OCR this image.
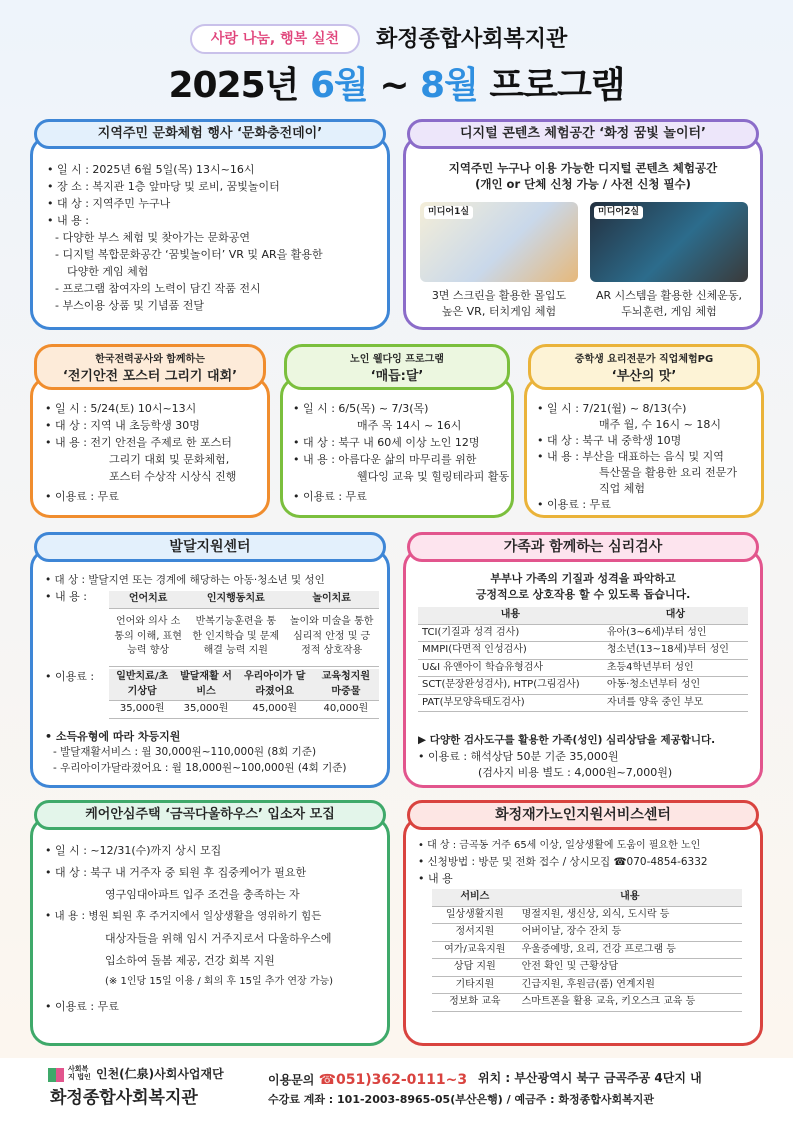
사랑 나눔, 행복 실천	화정종합사회복지관
2025년 6월 ~ 8월 프로그램
지역주민 문화체험 행사 ‘문화충전데이’
• 일 시 : 2025년 6월 5일(목) 13시~16시
• 장 소 : 복지관 1층 앞마당 및 로비, 꿈빛놀이터
• 대 상 : 지역주민 누구나
• 내 용 :
- 다양한 부스 체험 및 찾아가는 문화공연
- 디지털 복합문화공간 ‘꿈빛놀이터’ VR 및 AR을 활용한
다양한 게임 체험
- 프로그램 참여자의 노력이 담긴 작품 전시
- 부스이용 상품 및 기념품 전달
디지털 콘텐츠 체험공간 ‘화정 꿈빛 놀이터’
지역주민 누구나 이용 가능한 디지털 콘텐츠 체험공간
(개인 or 단체 신청 가능 / 사전 신청 필수)
미디어1실	미디어2실
3면 스크린을 활용한 몰입도
높은 VR, 터치게임 체험
AR 시스템을 활용한 신체운동,
두뇌훈련, 게임 체험
한국전력공사와 함께하는
‘전기안전 포스터 그리기 대회’
• 일 시 : 5/24(토) 10시~13시
• 대 상 : 지역 내 초등학생 30명
• 내 용 : 전기 안전을 주제로 한 포스터
그리기 대회 및 문화체험,
포스터 수상작 시상식 진행
• 이용료 : 무료
노인 웰다잉 프로그램
‘매듭:달’
• 일 시 : 6/5(목) ~ 7/3(목)
매주 목 14시 ~ 16시
• 대 상 : 북구 내 60세 이상 노인 12명
• 내 용 : 아름다운 삶의 마무리를 위한
웰다잉 교육 및 힐링테라피 활동
• 이용료 : 무료
중학생 요리전문가 직업체험PG
‘부산의 맛’
• 일 시 : 7/21(월) ~ 8/13(수)
매주 월, 수 16시 ~ 18시
• 대 상 : 북구 내 중학생 10명
• 내 용 : 부산을 대표하는 음식 및 지역
특산물을 활용한 요리 전문가
직업 체험
• 이용료 : 무료
발달지원센터
• 대 상 : 발달지연 또는 경계에 해당하는 아동·청소년 및 성인
• 내 용 :	언어치료	인지행동치료	놀이치료
언어와 의사 소통의 이해, 표현능력 향상	반복기능훈련을 통한 인지학습 및 문제해결 능력 지원	놀이와 미술을 통한 심리적 안정 및 긍정적 상호작용
• 이용료 : 일반치료/초기상담	발달재활 서비스	우리아이가 달라졌어요	교육청지원 마중물
35,000원	35,000원	45,000원	40,000원
• 소득유형에 따라 차등지원
- 발달재활서비스 : 월 30,000원~110,000원 (8회 기준)
- 우리아이가달라졌어요 : 월 18,000원~100,000원 (4회 기준)
가족과 함께하는 심리검사
부부나 가족의 기질과 성격을 파악하고
긍정적으로 상호작용 할 수 있도록 돕습니다.
내용	대상
TCI(기질과 성격 검사)	유아(3~6세)부터 성인
MMPI(다면적 인성검사)	청소년(13~18세)부터 성인
U&I 유앤아이 학습유형검사	초등4학년부터 성인
SCT(문장완성검사), HTP(그림검사)	아동·청소년부터 성인
PAT(부모양육태도검사)	자녀를 양육 중인 부모
▶ 다양한 검사도구를 활용한 가족(성인) 심리상담을 제공합니다.
• 이용료 : 해석상담 50분 기준 35,000원
(검사지 비용 별도 : 4,000원~7,000원)
케어안심주택 ‘금곡다울하우스’ 입소자 모집
• 일 시 : ~12/31(수)까지 상시 모집
• 대 상 : 북구 내 거주자 중 퇴원 후 집중케어가 필요한
영구임대아파트 입주 조건을 충족하는 자
• 내 용 : 병원 퇴원 후 주거지에서 일상생활을 영위하기 힘든
대상자들을 위해 임시 거주지로서 다울하우스에
입소하여 돌봄 제공, 건강 회복 지원
(※ 1인당 15일 이용 / 회의 후 15일 추가 연장 가능)
• 이용료 : 무료
화정재가노인지원서비스센터
• 대 상 : 금곡동 거주 65세 이상, 일상생활에 도움이 필요한 노인
• 신청방법 : 방문 및 전화 접수 / 상시모집 ☎070-4854-6332
• 내 용
서비스	내용
일상생활지원	명절지원, 생신상, 외식, 도시락 등
정서지원	어버이날, 장수 잔치 등
여가/교육지원	우울증예방, 요리, 건강 프로그램 등
상담 지원	안전 확인 및 근황상담
기타지원	긴급지원, 후원금(품) 연계지원
정보화 교육	스마트폰을 활용 교육, 키오스크 교육 등
사회복지 법인 인천(仁泉)사회사업재단
화정종합사회복지관
이용문의 ☎051)362-0111~3 위치 : 부산광역시 북구 금곡주공 4단지 내
수강료 계좌 : 101-2003-8965-05(부산은행) / 예금주 : 화정종합사회복지관
